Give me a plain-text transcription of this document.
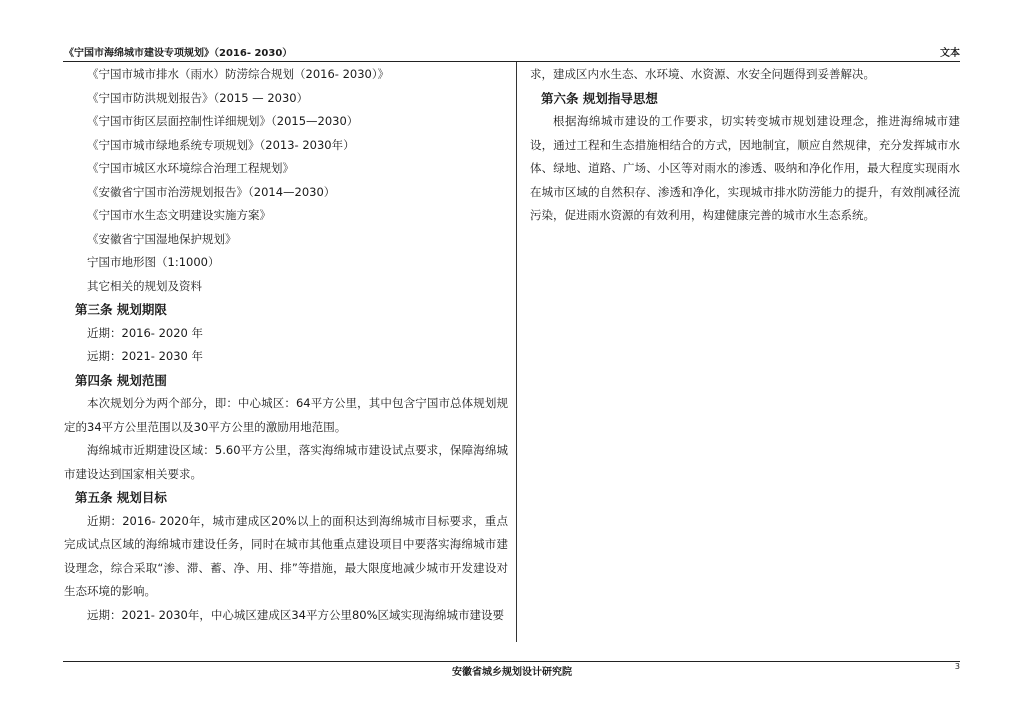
《宁国市海绵城市建设专项规划》（2016- 2030）	文本

《宁国市城市排水（雨水）防涝综合规划（2016- 2030）》

《宁国市防洪规划报告》（2015 — 2030）

《宁国市街区层面控制性详细规划》（2015—2030）

《宁国市城市绿地系统专项规划》（2013- 2030年）

《宁国市城区水环境综合治理工程规划》

《安徽省宁国市治涝规划报告》（2014—2030）

《宁国市水生态文明建设实施方案》

《安徽省宁国湿地保护规划》

宁国市地形图（1:1000）

其它相关的规划及资料

第三条 规划期限

近期：2016- 2020 年

远期：2021- 2030 年

第四条 规划范围

本次规划分为两个部分，即：中心城区：64平方公里，其中包含宁国市总体规划规定的34平方公里范围以及30平方公里的激励用地范围。

海绵城市近期建设区域：5.60平方公里，落实海绵城市建设试点要求，保障海绵城市建设达到国家相关要求。

第五条 规划目标

近期：2016- 2020年，城市建成区20%以上的面积达到海绵城市目标要求，重点完成试点区域的海绵城市建设任务，同时在城市其他重点建设项目中要落实海绵城市建设理念，综合采取“渗、滞、蓄、净、用、排”等措施，最大限度地减少城市开发建设对生态环境的影响。

远期：2021- 2030年，中心城区建成区34平方公里80%区域实现海绵城市建设要

求，建成区内水生态、水环境、水资源、水安全问题得到妥善解决。

第六条 规划指导思想

根据海绵城市建设的工作要求，切实转变城市规划建设理念，推进海绵城市建设，通过工程和生态措施相结合的方式，因地制宜，顺应自然规律，充分发挥城市水体、绿地、道路、广场、小区等对雨水的渗透、吸纳和净化作用，最大程度实现雨水在城市区域的自然积存、渗透和净化，实现城市排水防涝能力的提升，有效削减径流污染，促进雨水资源的有效利用，构建健康完善的城市水生态系统。

安徽省城乡规划设计研究院
3
